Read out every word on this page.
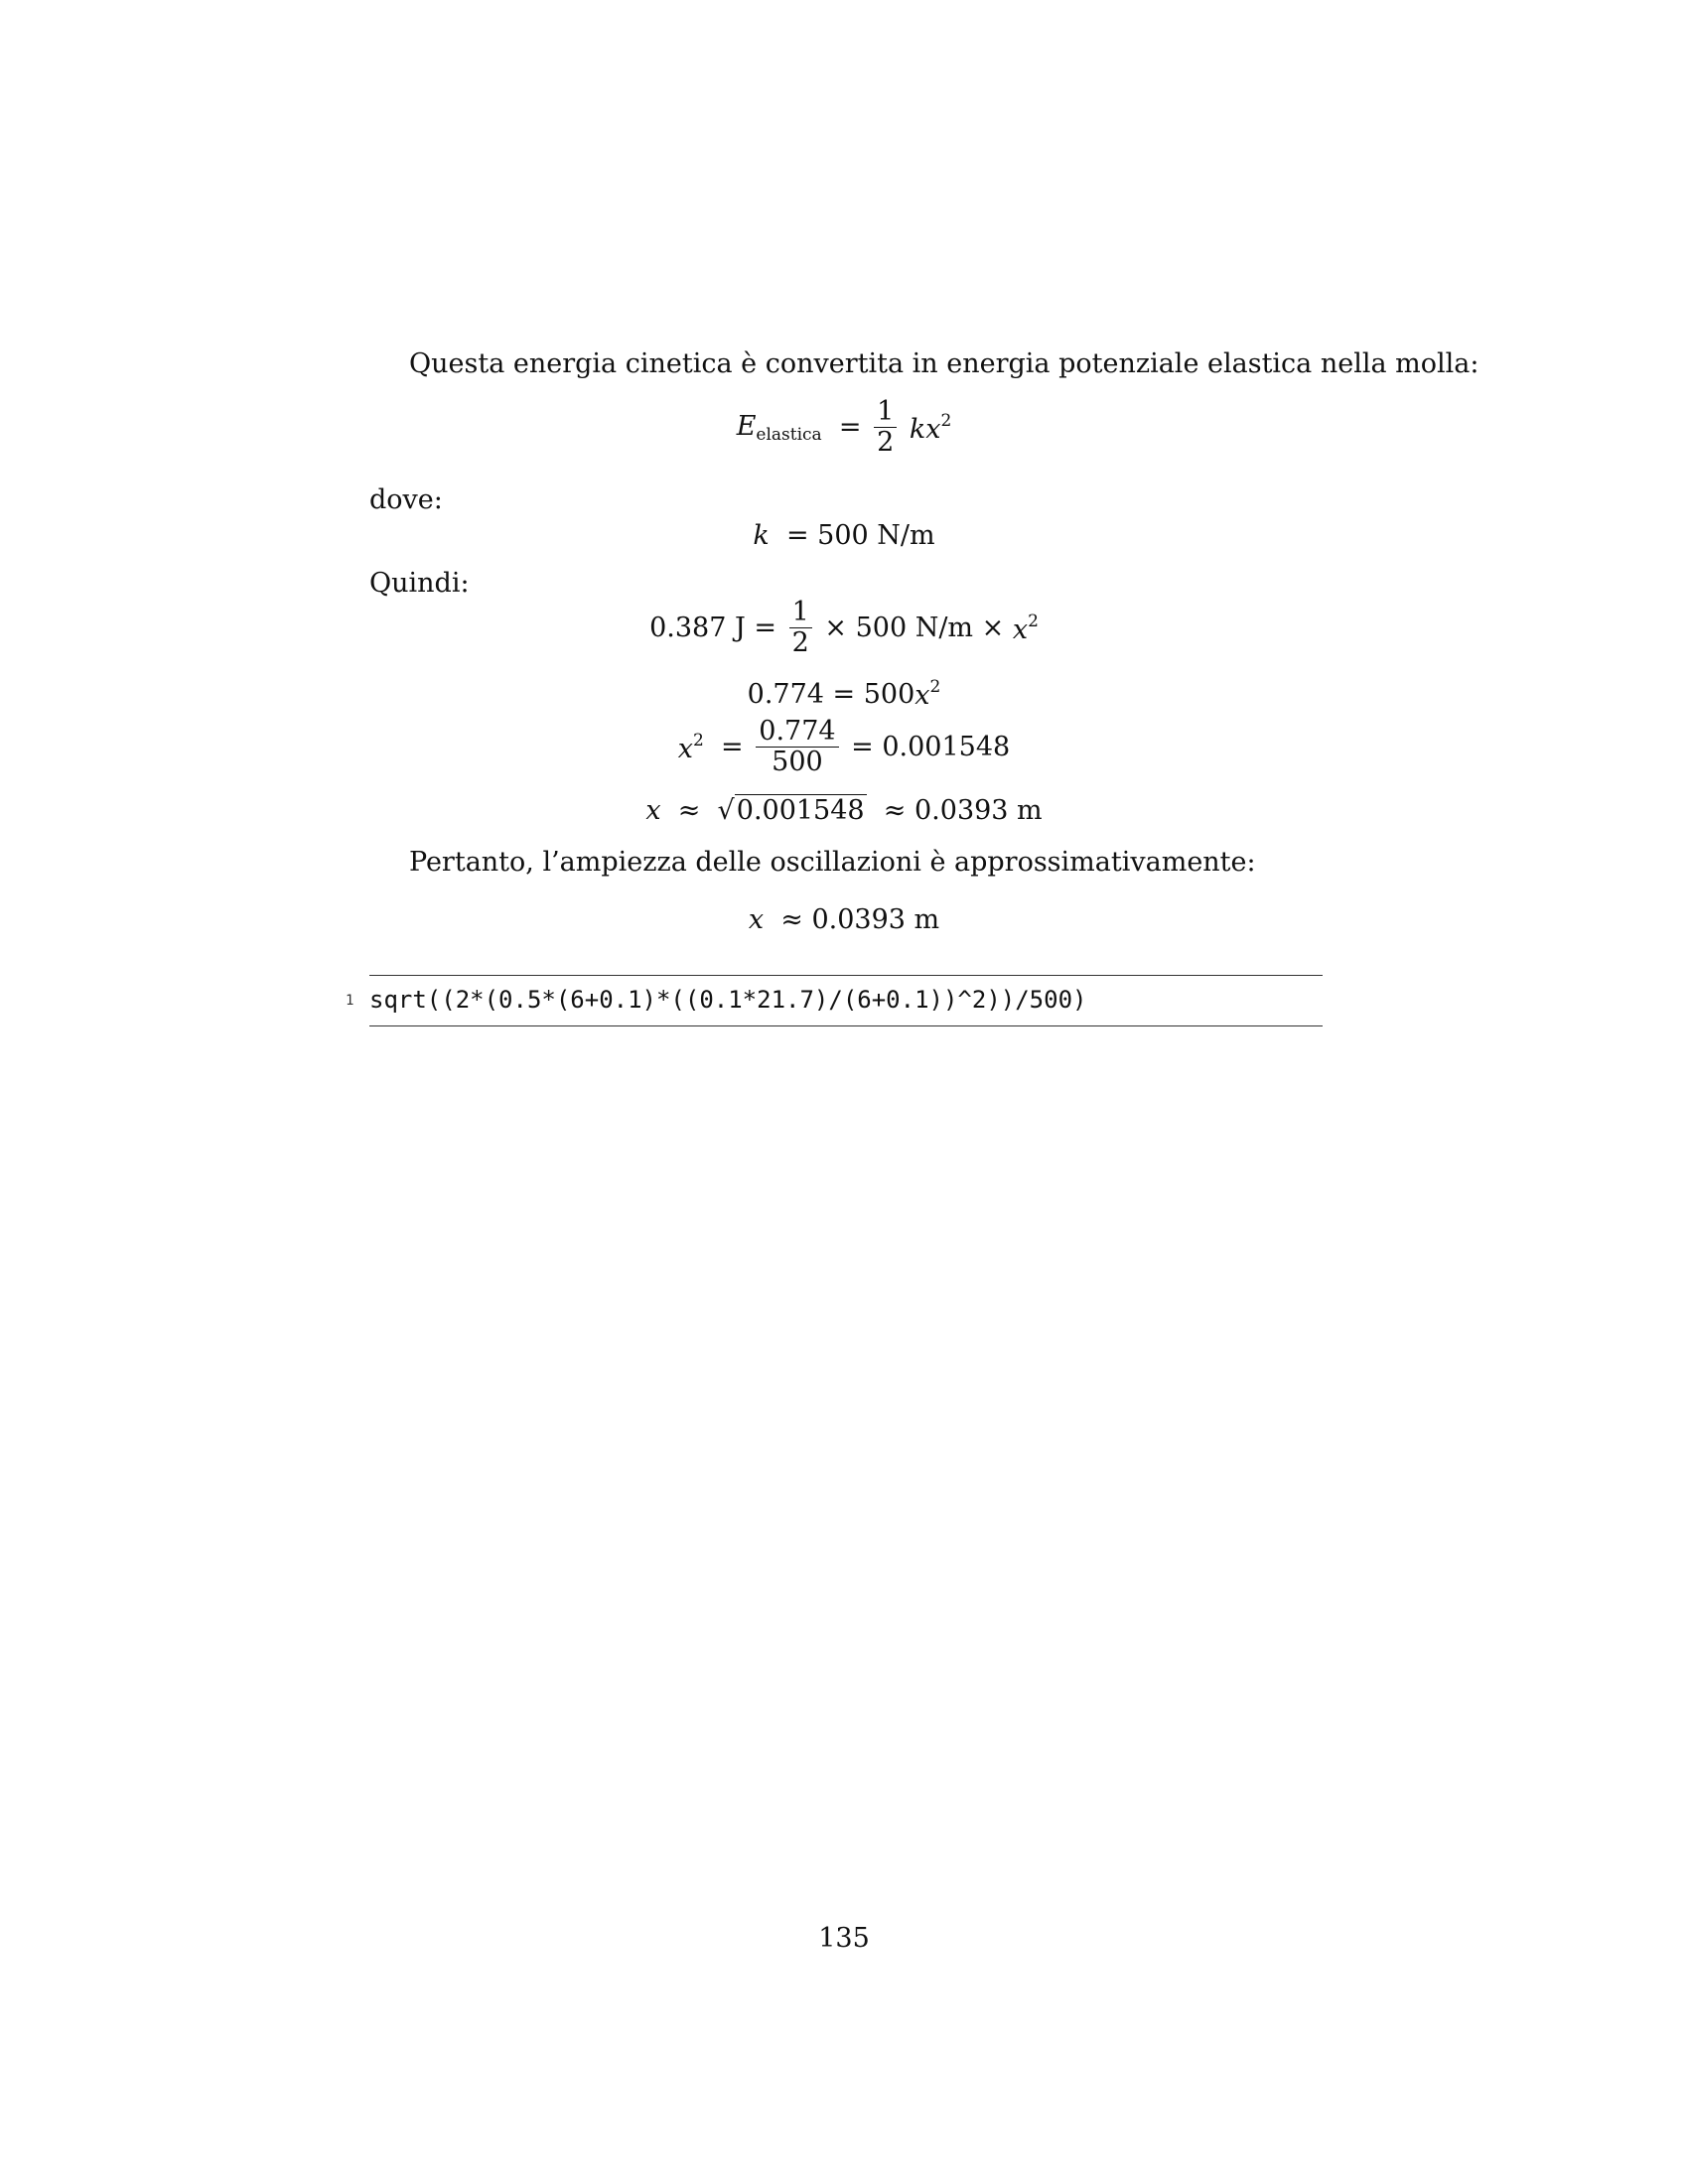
Questa energia cinetica è convertita in energia potenziale elastica nella molla:
$E_{elastica} = \frac{1}{2} kx^2$
dove:
k = 500 N/m
Quindi:
0.387 $J = \frac{1}{2} \times 500$ $N/m \times x^2$
$0.774 = 500x^2$
$x^2 = \frac{0.774}{500} = 0.001548$
x ≈ √0.001548 ≈ 0.0393 m
Pertanto, l’ampiezza delle oscillazioni è approssimativamente:
x ≈ 0.0393 m
1 sqrt((2*(0.5*(6+0.1)*((0.1*21.7)/(6+0.1))^2))/500)
135
